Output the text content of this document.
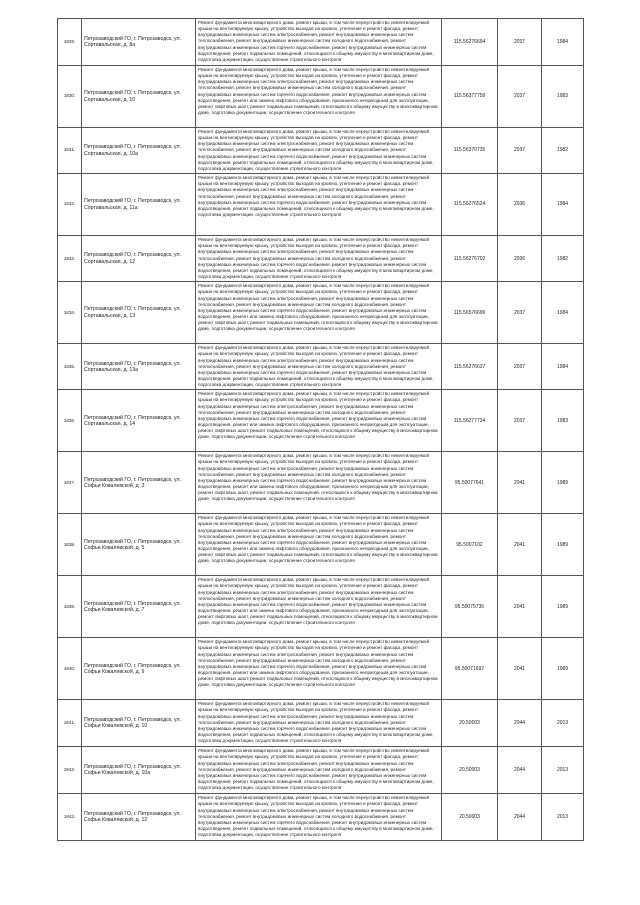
1829.	Петрозаводский ГО, г. Петрозаводск, ул. Сортавальская, д. 8а	Ремонт фундамента многоквартирного дома, ремонт крыши, в том числе переустройство невентилируемой крыши на вентилируемую крышу, устройство выходов на кровлю, утепление и ремонт фасада, ремонт внутридомовых инженерных систем электроснабжения, ремонт внутридомовых инженерных систем теплоснабжения, ремонт внутридомовых инженерных систем холодного водоснабжения, ремонт внутридомовых инженерных систем горячего водоснабжения, ремонт внутридомовых инженерных систем водоотведения, ремонт подвальных помещений, относящихся к общему имуществу в многоквартирном доме, подготовка документации, осуществление строительного контроля	115.56276694	2037	1984
1830.	Петрозаводский ГО, г. Петрозаводск, ул. Сортавальская, д. 10	Ремонт фундамента многоквартирного дома, ремонт крыши, в том числе переустройство невентилируемой крыши на вентилируемую крышу, устройство выходов на кровлю, утепление и ремонт фасада, ремонт внутридомовых инженерных систем электроснабжения, ремонт внутридомовых инженерных систем теплоснабжения, ремонт внутридомовых инженерных систем холодного водоснабжения, ремонт внутридомовых инженерных систем горячего водоснабжения, ремонт внутридомовых инженерных систем водоотведения, ремонт или замена лифтового оборудования, признанного непригодным для эксплуатации, ремонт лифтовых шахт, ремонт подвальных помещений, относящихся к общему имуществу в многоквартирном доме, подготовка документации, осуществление строительного контроля	115.56377759	2037	1983
1831.	Петрозаводский ГО, г. Петрозаводск, ул. Сортавальская, д. 10а	Ремонт фундамента многоквартирного дома, ремонт крыши, в том числе переустройство невентилируемой крыши на вентилируемую крышу, устройство выходов на кровлю, утепление и ремонт фасада, ремонт внутридомовых инженерных систем электроснабжения, ремонт внутридомовых инженерных систем теплоснабжения, ремонт внутридомовых инженерных систем холодного водоснабжения, ремонт внутридомовых инженерных систем горячего водоснабжения, ремонт внутридомовых инженерных систем водоотведения, ремонт подвальных помещений, относящихся к общему имуществу в многоквартирном доме, подготовка документации, осуществление строительного контроля	115.56370735	2037	1982
1832.	Петрозаводский ГО, г. Петрозаводск, ул. Сортавальская, д. 11а	Ремонт фундамента многоквартирного дома, ремонт крыши, в том числе переустройство невентилируемой крыши на вентилируемую крышу, устройство выходов на кровлю, утепление и ремонт фасада, ремонт внутридомовых инженерных систем электроснабжения, ремонт внутридомовых инженерных систем теплоснабжения, ремонт внутридомовых инженерных систем холодного водоснабжения, ремонт внутридомовых инженерных систем горячего водоснабжения, ремонт внутридомовых инженерных систем водоотведения, ремонт подвальных помещений, относящихся к общему имуществу в многоквартирном доме, подготовка документации, осуществление строительного контроля	115.56276524	2036	1984
1833.	Петрозаводский ГО, г. Петрозаводск, ул. Сортавальская, д. 12	Ремонт фундамента многоквартирного дома, ремонт крыши, в том числе переустройство невентилируемой крыши на вентилируемую крышу, устройство выходов на кровлю, утепление и ремонт фасада, ремонт внутридомовых инженерных систем электроснабжения, ремонт внутридомовых инженерных систем теплоснабжения, ремонт внутридомовых инженерных систем холодного водоснабжения, ремонт внутридомовых инженерных систем горячего водоснабжения, ремонт внутридомовых инженерных систем водоотведения, ремонт подвальных помещений, относящихся к общему имуществу в многоквартирном доме, подготовка документации, осуществление строительного контроля	115.56276702	2036	1982
1834.	Петрозаводский ГО, г. Петрозаводск, ул. Сортавальская, д. 13	Ремонт фундамента многоквартирного дома, ремонт крыши, в том числе переустройство невентилируемой крыши на вентилируемую крышу, устройство выходов на кровлю, утепление и ремонт фасада, ремонт внутридомовых инженерных систем электроснабжения, ремонт внутридомовых инженерных систем теплоснабжения, ремонт внутридомовых инженерных систем холодного водоснабжения, ремонт внутридомовых инженерных систем горячего водоснабжения, ремонт внутридомовых инженерных систем водоотведения, ремонт или замена лифтового оборудования, признанного непригодным для эксплуатации, ремонт лифтовых шахт, ремонт подвальных помещений, относящихся к общему имуществу в многоквартирном доме, подготовка документации, осуществление строительного контроля	115.56576696	2037	1984
1835.	Петрозаводский ГО, г. Петрозаводск, ул. Сортавальская, д. 13а	Ремонт фундамента многоквартирного дома, ремонт крыши, в том числе переустройство невентилируемой крыши на вентилируемую крышу, устройство выходов на кровлю, утепление и ремонт фасада, ремонт внутридомовых инженерных систем электроснабжения, ремонт внутридомовых инженерных систем теплоснабжения, ремонт внутридомовых инженерных систем холодного водоснабжения, ремонт внутридомовых инженерных систем горячего водоснабжения, ремонт внутридомовых инженерных систем водоотведения, ремонт подвальных помещений, относящихся к общему имуществу в многоквартирном доме, подготовка документации, осуществление строительного контроля	115.56276637	2037	1984
1836.	Петрозаводский ГО, г. Петрозаводск, ул. Сортавальская, д. 14	Ремонт фундамента многоквартирного дома, ремонт крыши, в том числе переустройство невентилируемой крыши на вентилируемую крышу, устройство выходов на кровлю, утепление и ремонт фасада, ремонт внутридомовых инженерных систем электроснабжения, ремонт внутридомовых инженерных систем теплоснабжения, ремонт внутридомовых инженерных систем холодного водоснабжения, ремонт внутридомовых инженерных систем горячего водоснабжения, ремонт внутридомовых инженерных систем водоотведения, ремонт или замена лифтового оборудования, признанного непригодным для эксплуатации, ремонт лифтовых шахт, ремонт подвальных помещений, относящихся к общему имуществу в многоквартирном доме, подготовка документации, осуществление строительного контроля	115.56277734	2037	1983
1837.	Петрозаводский ГО, г. Петрозаводск, ул. Софьи Ковалевской, д. 3	Ремонт фундамента многоквартирного дома, ремонт крыши, в том числе переустройство невентилируемой крыши на вентилируемую крышу, устройство выходов на кровлю, утепление и ремонт фасада, ремонт внутридомовых инженерных систем электроснабжения, ремонт внутридомовых инженерных систем теплоснабжения, ремонт внутридомовых инженерных систем холодного водоснабжения, ремонт внутридомовых инженерных систем горячего водоснабжения, ремонт внутридомовых инженерных систем водоотведения, ремонт или замена лифтового оборудования, признанного непригодным для эксплуатации, ремонт лифтовых шахт, ремонт подвальных помещений, относящихся к общему имуществу в многоквартирном доме, подготовка документации, осуществление строительного контроля	95.50077641	2041	1989
1838.	Петрозаводский ГО, г. Петрозаводск, ул. Софьи Ковалевской, д. 5	Ремонт фундамента многоквартирного дома, ремонт крыши, в том числе переустройство невентилируемой крыши на вентилируемую крышу, устройство выходов на кровлю, утепление и ремонт фасада, ремонт внутридомовых инженерных систем электроснабжения, ремонт внутридомовых инженерных систем теплоснабжения, ремонт внутридомовых инженерных систем холодного водоснабжения, ремонт внутридомовых инженерных систем горячего водоснабжения, ремонт внутридомовых инженерных систем водоотведения, ремонт или замена лифтового оборудования, признанного непригодным для эксплуатации, ремонт лифтовых шахт, ремонт подвальных помещений, относящихся к общему имуществу в многоквартирном доме, подготовка документации, осуществление строительного контроля	95.5007102	2041	1989
1839.	Петрозаводский ГО, г. Петрозаводск, ул. Софьи Ковалевской, д. 7	Ремонт фундамента многоквартирного дома, ремонт крыши, в том числе переустройство невентилируемой крыши на вентилируемую крышу, устройство выходов на кровлю, утепление и ремонт фасада, ремонт внутридомовых инженерных систем электроснабжения, ремонт внутридомовых инженерных систем теплоснабжения, ремонт внутридомовых инженерных систем холодного водоснабжения, ремонт внутридомовых инженерных систем горячего водоснабжения, ремонт внутридомовых инженерных систем водоотведения, ремонт или замена лифтового оборудования, признанного непригодным для эксплуатации, ремонт лифтовых шахт, ремонт подвальных помещений, относящихся к общему имуществу в многоквартирном доме, подготовка документации, осуществление строительного контроля	95.50075736	2041	1989
1840.	Петрозаводский ГО, г. Петрозаводск, ул. Софьи Ковалевской, д. 9	Ремонт фундамента многоквартирного дома, ремонт крыши, в том числе переустройство невентилируемой крыши на вентилируемую крышу, устройство выходов на кровлю, утепление и ремонт фасада, ремонт внутридомовых инженерных систем электроснабжения, ремонт внутридомовых инженерных систем теплоснабжения, ремонт внутридомовых инженерных систем холодного водоснабжения, ремонт внутридомовых инженерных систем горячего водоснабжения, ремонт внутридомовых инженерных систем водоотведения, ремонт или замена лифтового оборудования, признанного непригодным для эксплуатации, ремонт лифтовых шахт, ремонт подвальных помещений, относящихся к общему имуществу в многоквартирном доме, подготовка документации, осуществление строительного контроля	95.50071692	2041	1989
1841.	Петрозаводский ГО, г. Петрозаводск, ул. Софьи Ковалевской, д. 10	Ремонт фундамента многоквартирного дома, ремонт крыши, в том числе переустройство невентилируемой крыши на вентилируемую крышу, устройство выходов на кровлю, утепление и ремонт фасада, ремонт внутридомовых инженерных систем электроснабжения, ремонт внутридомовых инженерных систем теплоснабжения, ремонт внутридомовых инженерных систем холодного водоснабжения, ремонт внутридомовых инженерных систем горячего водоснабжения, ремонт внутридомовых инженерных систем водоотведения, ремонт подвальных помещений, относящихся к общему имуществу в многоквартирном доме, подготовка документации, осуществление строительного контроля	20.50003	2044	2013
1842.	Петрозаводский ГО, г. Петрозаводск, ул. Софьи Ковалевской, д. 10а	Ремонт фундамента многоквартирного дома, ремонт крыши, в том числе переустройство невентилируемой крыши на вентилируемую крышу, устройство выходов на кровлю, утепление и ремонт фасада, ремонт внутридомовых инженерных систем электроснабжения, ремонт внутридомовых инженерных систем теплоснабжения, ремонт внутридомовых инженерных систем холодного водоснабжения, ремонт внутридомовых инженерных систем горячего водоснабжения, ремонт внутридомовых инженерных систем водоотведения, ремонт подвальных помещений, относящихся к общему имуществу в многоквартирном доме, подготовка документации, осуществление строительного контроля	20.50003	2044	2013
1843.	Петрозаводский ГО, г. Петрозаводск, ул. Софьи Ковалевской, д. 12	Ремонт фундамента многоквартирного дома, ремонт крыши, в том числе переустройство невентилируемой крыши на вентилируемую крышу, устройство выходов на кровлю, утепление и ремонт фасада, ремонт внутридомовых инженерных систем электроснабжения, ремонт внутридомовых инженерных систем теплоснабжения, ремонт внутридомовых инженерных систем холодного водоснабжения, ремонт внутридомовых инженерных систем горячего водоснабжения, ремонт внутридомовых инженерных систем водоотведения, ремонт подвальных помещений, относящихся к общему имуществу в многоквартирном доме, подготовка документации, осуществление строительного контроля	20.50003	2044	2013
